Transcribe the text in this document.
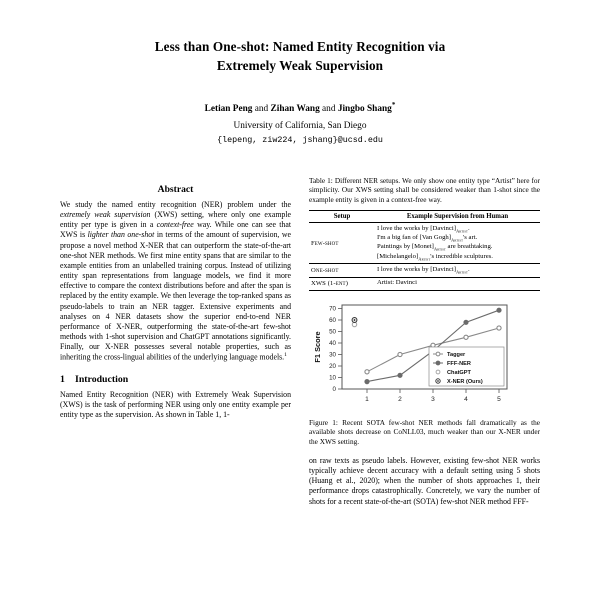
Less than One-shot: Named Entity Recognition via
Extremely Weak Supervision
Letian Peng and Zihan Wang and Jingbo Shang*
University of California, San Diego
{lepeng, ziw224, jshang}@ucsd.edu
Abstract

We study the named entity recognition (NER) problem under the extremely weak supervision (XWS) setting, where only one example entity per type is given in a context-free way. While one can see that XWS is lighter than one-shot in terms of the amount of supervision, we propose a novel method X-NER that can outperform the state-of-the-art one-shot NER methods. We first mine entity spans that are similar to the example entities from an unlabelled training corpus. Instead of utilizing entity span representations from language models, we find it more effective to compare the context distributions before and after the span is replaced by the entity example. We then leverage the top-ranked spans as pseudo-labels to train an NER tagger. Extensive experiments and analyses on 4 NER datasets show the superior end-to-end NER performance of X-NER, outperforming the state-of-the-art few-shot methods with 1-shot supervision and ChatGPT annotations significantly. Finally, our X-NER possesses several notable properties, such as inheriting the cross-lingual abilities of the underlying language models.$^1$

1 Introduction

Named Entity Recognition (NER) with Extremely Weak Supervision (XWS) is the task of performing NER using only one entity example per entity type as the supervision. As shown in Table 1, 1-

Table 1: Different NER setups. We only show one entity type “Artist” here for simplicity. Our XWS setting shall be considered weaker than 1-shot since the example entity is given in a context-free way.
Setup	Example Supervision from Human
Few-shot	I love the works by $[Davinci]_{Artist}$.
I'm a big fan of [Van $Gogh]_{Artist}'s$ art.
Paintings by $[Monet]_{Artist}$ are breathtaking.
$[Michelangelo]_{Artist}'s$ incredible sculptures.
One-shot	I love the works by $[Davinci]_{Artist}$.
XWS (1-ent)	Artist: Davinci
0
10
20
30
40
50
60
70
F1 Score
1	2	3	4	5
Tagger
FFF-NER
ChatGPT
X-NER (Ours)
Figure 1: Recent SOTA few-shot NER methods fall dramatically as the available shots decrease on CoNLL03, much weaker than our X-NER under the XWS setting.

on raw texts as pseudo labels. However, existing few-shot NER works typically achieve decent accuracy with a default setting using 5 shots (Huang et al., 2020); when the number of shots approaches 1, their performance drops catastrophically. Concretely, we vary the number of shots for a recent state-of-the-art (SOTA) few-shot NER method FFF-
